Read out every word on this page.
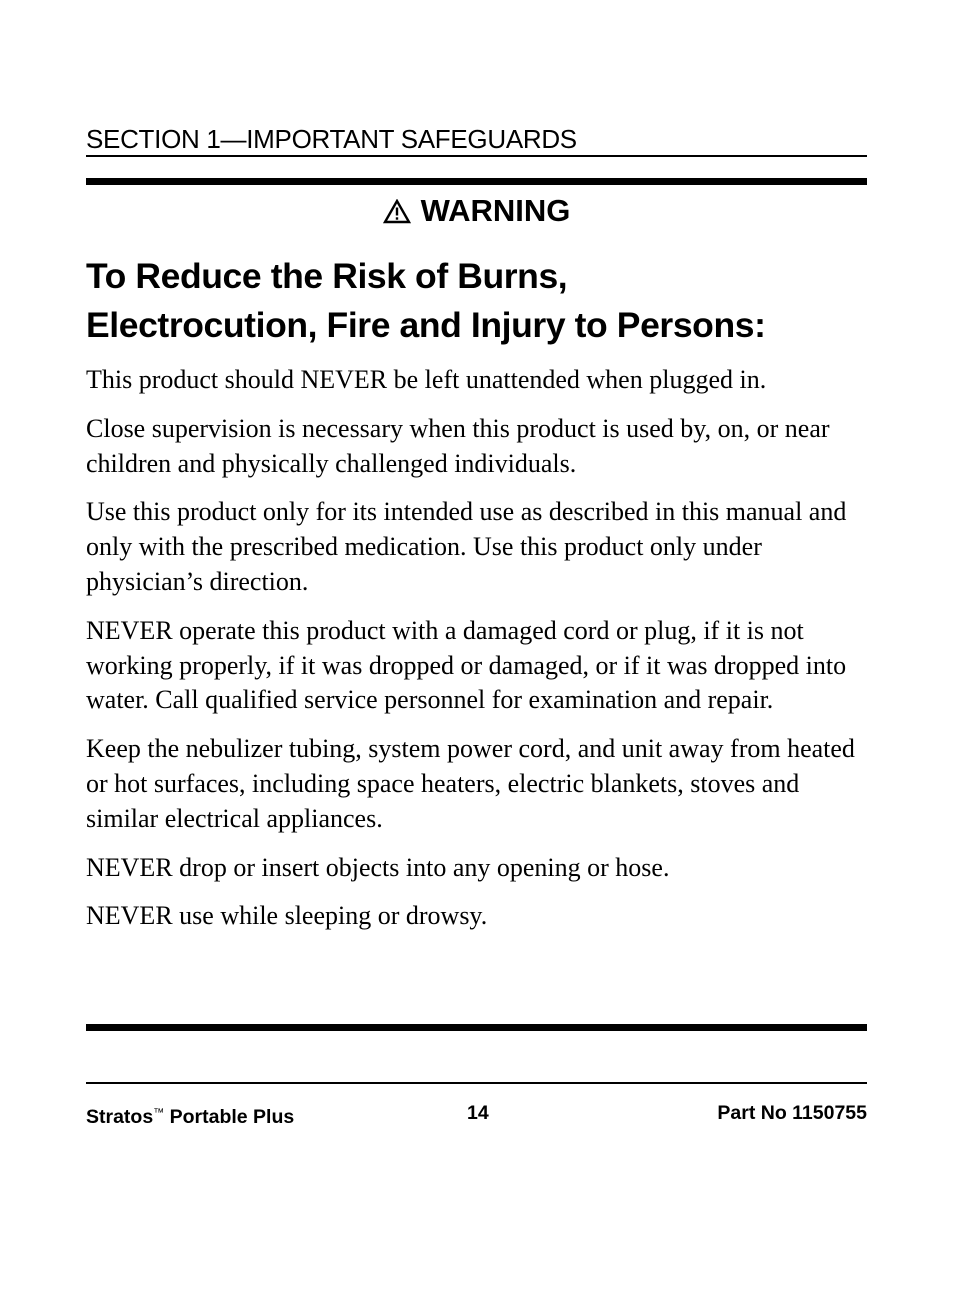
SECTION 1—IMPORTANT SAFEGUARDS
WARNING
To Reduce the Risk of Burns,
Electrocution, Fire and Injury to Persons:

This product should NEVER be left unattended when plugged in.

Close supervision is necessary when this product is used by, on, or near children and physically challenged individuals.

Use this product only for its intended use as described in this manual and only with the prescribed medication. Use this product only under physician’s direction.

NEVER operate this product with a damaged cord or plug, if it is not working properly, if it was dropped or damaged, or if it was dropped into water. Call qualified service personnel for examination and repair.

Keep the nebulizer tubing, system power cord, and unit away from heated or hot surfaces, including space heaters, electric blankets, stoves and similar electrical appliances.

NEVER drop or insert objects into any opening or hose.

NEVER use while sleeping or drowsy.

Stratos™ Portable Plus	14	Part No 1150755
